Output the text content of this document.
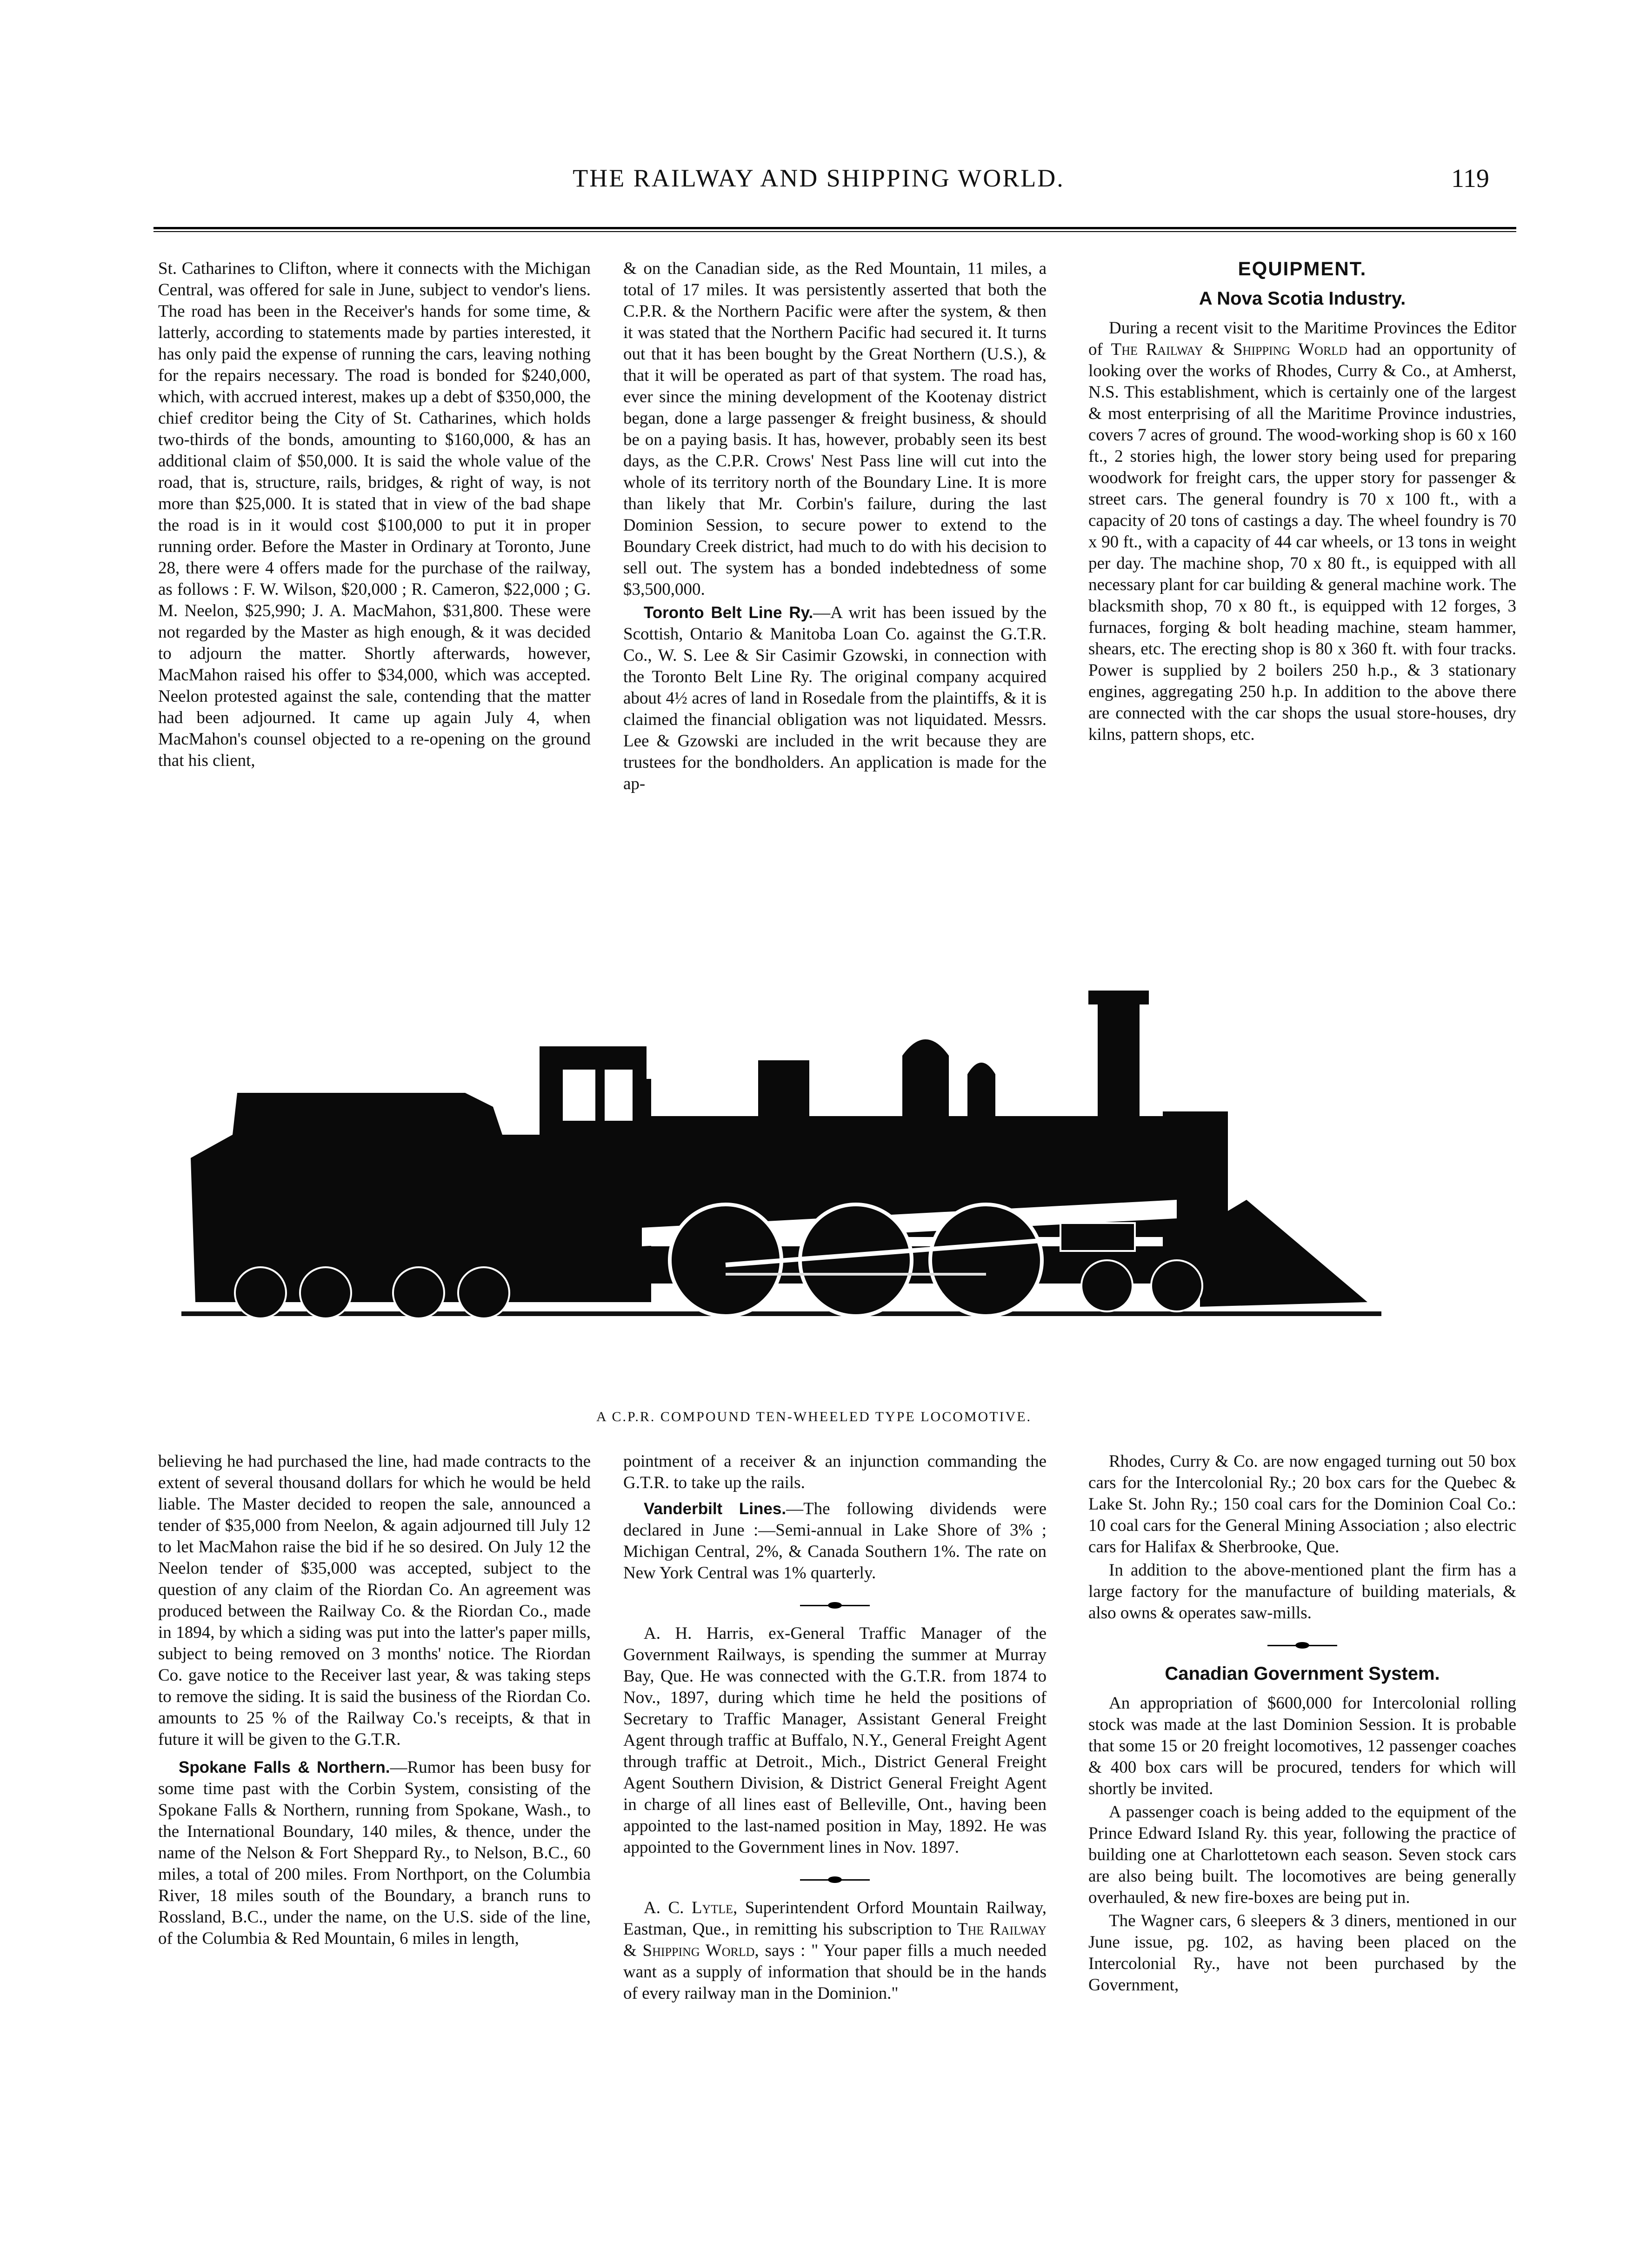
THE RAILWAY AND SHIPPING WORLD.	119

St. Catharines to Clifton, where it connects with the Michigan Central, was offered for sale in June, subject to vendor's liens. The road has been in the Receiver's hands for some time, & latterly, according to statements made by parties interested, it has only paid the expense of running the cars, leaving nothing for the repairs necessary. The road is bonded for $240,000, which, with accrued interest, makes up a debt of $350,000, the chief creditor being the City of St. Catharines, which holds two-thirds of the bonds, amounting to $160,000, & has an additional claim of $50,000. It is said the whole value of the road, that is, structure, rails, bridges, & right of way, is not more than $25,000. It is stated that in view of the bad shape the road is in it would cost $100,000 to put it in proper running order. Before the Master in Ordinary at Toronto, June 28, there were 4 offers made for the purchase of the railway, as follows : F. W. Wilson, $20,000 ; R. Cameron, $22,000 ; G. M. Neelon, $25,990; J. A. MacMahon, $31,800. These were not regarded by the Master as high enough, & it was decided to adjourn the matter. Shortly afterwards, however, MacMahon raised his offer to $34,000, which was accepted. Neelon protested against the sale, contending that the matter had been adjourned. It came up again July 4, when MacMahon's counsel objected to a re-opening on the ground that his client,

& on the Canadian side, as the Red Mountain, 11 miles, a total of 17 miles. It was persistently asserted that both the C.P.R. & the Northern Pacific were after the system, & then it was stated that the Northern Pacific had secured it. It turns out that it has been bought by the Great Northern (U.S.), & that it will be operated as part of that system. The road has, ever since the mining development of the Kootenay district began, done a large passenger & freight business, & should be on a paying basis. It has, however, probably seen its best days, as the C.P.R. Crows' Nest Pass line will cut into the whole of its territory north of the Boundary Line. It is more than likely that Mr. Corbin's failure, during the last Dominion Session, to secure power to extend to the Boundary Creek district, had much to do with his decision to sell out. The system has a bonded indebtedness of some $3,500,000.

Toronto Belt Line Ry.—A writ has been issued by the Scottish, Ontario & Manitoba Loan Co. against the G.T.R. Co., W. S. Lee & Sir Casimir Gzowski, in connection with the Toronto Belt Line Ry. The original company acquired about 4½ acres of land in Rosedale from the plaintiffs, & it is claimed the financial obligation was not liquidated. Messrs. Lee & Gzowski are included in the writ because they are trustees for the bondholders. An application is made for the ap-

EQUIPMENT.
A Nova Scotia Industry.

During a recent visit to the Maritime Provinces the Editor of The Railway & Shipping World had an opportunity of looking over the works of Rhodes, Curry & Co., at Amherst, N.S. This establishment, which is certainly one of the largest & most enterprising of all the Maritime Province industries, covers 7 acres of ground. The wood-working shop is 60 x 160 ft., 2 stories high, the lower story being used for preparing woodwork for freight cars, the upper story for passenger & street cars. The general foundry is 70 x 100 ft., with a capacity of 20 tons of castings a day. The wheel foundry is 70 x 90 ft., with a capacity of 44 car wheels, or 13 tons in weight per day. The machine shop, 70 x 80 ft., is equipped with all necessary plant for car building & general machine work. The blacksmith shop, 70 x 80 ft., is equipped with 12 forges, 3 furnaces, forging & bolt heading machine, steam hammer, shears, etc. The erecting shop is 80 x 360 ft. with four tracks. Power is supplied by 2 boilers 250 h.p., & 3 stationary engines, aggregating 250 h.p. In addition to the above there are connected with the car shops the usual store-houses, dry kilns, pattern shops, etc.

A C.P.R. COMPOUND TEN-WHEELED TYPE LOCOMOTIVE.

believing he had purchased the line, had made contracts to the extent of several thousand dollars for which he would be held liable. The Master decided to reopen the sale, announced a tender of $35,000 from Neelon, & again adjourned till July 12 to let MacMahon raise the bid if he so desired. On July 12 the Neelon tender of $35,000 was accepted, subject to the question of any claim of the Riordan Co. An agreement was produced between the Railway Co. & the Riordan Co., made in 1894, by which a siding was put into the latter's paper mills, subject to being removed on 3 months' notice. The Riordan Co. gave notice to the Receiver last year, & was taking steps to remove the siding. It is said the business of the Riordan Co. amounts to 25 % of the Railway Co.'s receipts, & that in future it will be given to the G.T.R.

Spokane Falls & Northern.—Rumor has been busy for some time past with the Corbin System, consisting of the Spokane Falls & Northern, running from Spokane, Wash., to the International Boundary, 140 miles, & thence, under the name of the Nelson & Fort Sheppard Ry., to Nelson, B.C., 60 miles, a total of 200 miles. From Northport, on the Columbia River, 18 miles south of the Boundary, a branch runs to Rossland, B.C., under the name, on the U.S. side of the line, of the Columbia & Red Mountain, 6 miles in length,

pointment of a receiver & an injunction commanding the G.T.R. to take up the rails.

Vanderbilt Lines.—The following dividends were declared in June :—Semi-annual in Lake Shore of 3% ; Michigan Central, 2%, & Canada Southern 1%. The rate on New York Central was 1% quarterly.

A. H. Harris, ex-General Traffic Manager of the Government Railways, is spending the summer at Murray Bay, Que. He was connected with the G.T.R. from 1874 to Nov., 1897, during which time he held the positions of Secretary to Traffic Manager, Assistant General Freight Agent through traffic at Buffalo, N.Y., General Freight Agent through traffic at Detroit., Mich., District General Freight Agent Southern Division, & District General Freight Agent in charge of all lines east of Belleville, Ont., having been appointed to the last-named position in May, 1892. He was appointed to the Government lines in Nov. 1897.

A. C. Lytle, Superintendent Orford Mountain Railway, Eastman, Que., in remitting his subscription to The Railway & Shipping World, says : " Your paper fills a much needed want as a supply of information that should be in the hands of every railway man in the Dominion."

Rhodes, Curry & Co. are now engaged turning out 50 box cars for the Intercolonial Ry.; 20 box cars for the Quebec & Lake St. John Ry.; 150 coal cars for the Dominion Coal Co.: 10 coal cars for the General Mining Association ; also electric cars for Halifax & Sherbrooke, Que.

In addition to the above-mentioned plant the firm has a large factory for the manufacture of building materials, & also owns & operates saw-mills.

Canadian Government System.

An appropriation of $600,000 for Intercolonial rolling stock was made at the last Dominion Session. It is probable that some 15 or 20 freight locomotives, 12 passenger coaches & 400 box cars will be procured, tenders for which will shortly be invited.

A passenger coach is being added to the equipment of the Prince Edward Island Ry. this year, following the practice of building one at Charlottetown each season. Seven stock cars are also being built. The locomotives are being generally overhauled, & new fire-boxes are being put in.

The Wagner cars, 6 sleepers & 3 diners, mentioned in our June issue, pg. 102, as having been placed on the Intercolonial Ry., have not been purchased by the Government,
